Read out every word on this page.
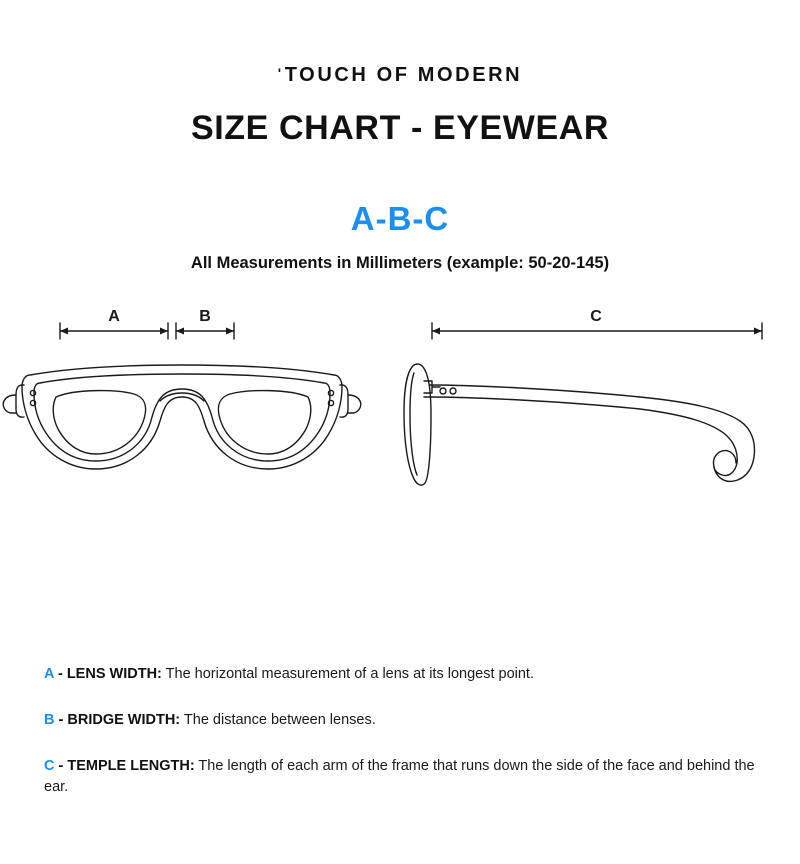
'TOUCH OF MODERN
SIZE CHART - EYEWEAR
A-B-C
All Measurements in Millimeters (example: 50-20-145)
A	B	C
A - LENS WIDTH: The horizontal measurement of a lens at its longest point.
B - BRIDGE WIDTH: The distance between lenses.
C - TEMPLE LENGTH: The length of each arm of the frame that runs down the side of the face and behind the ear.
